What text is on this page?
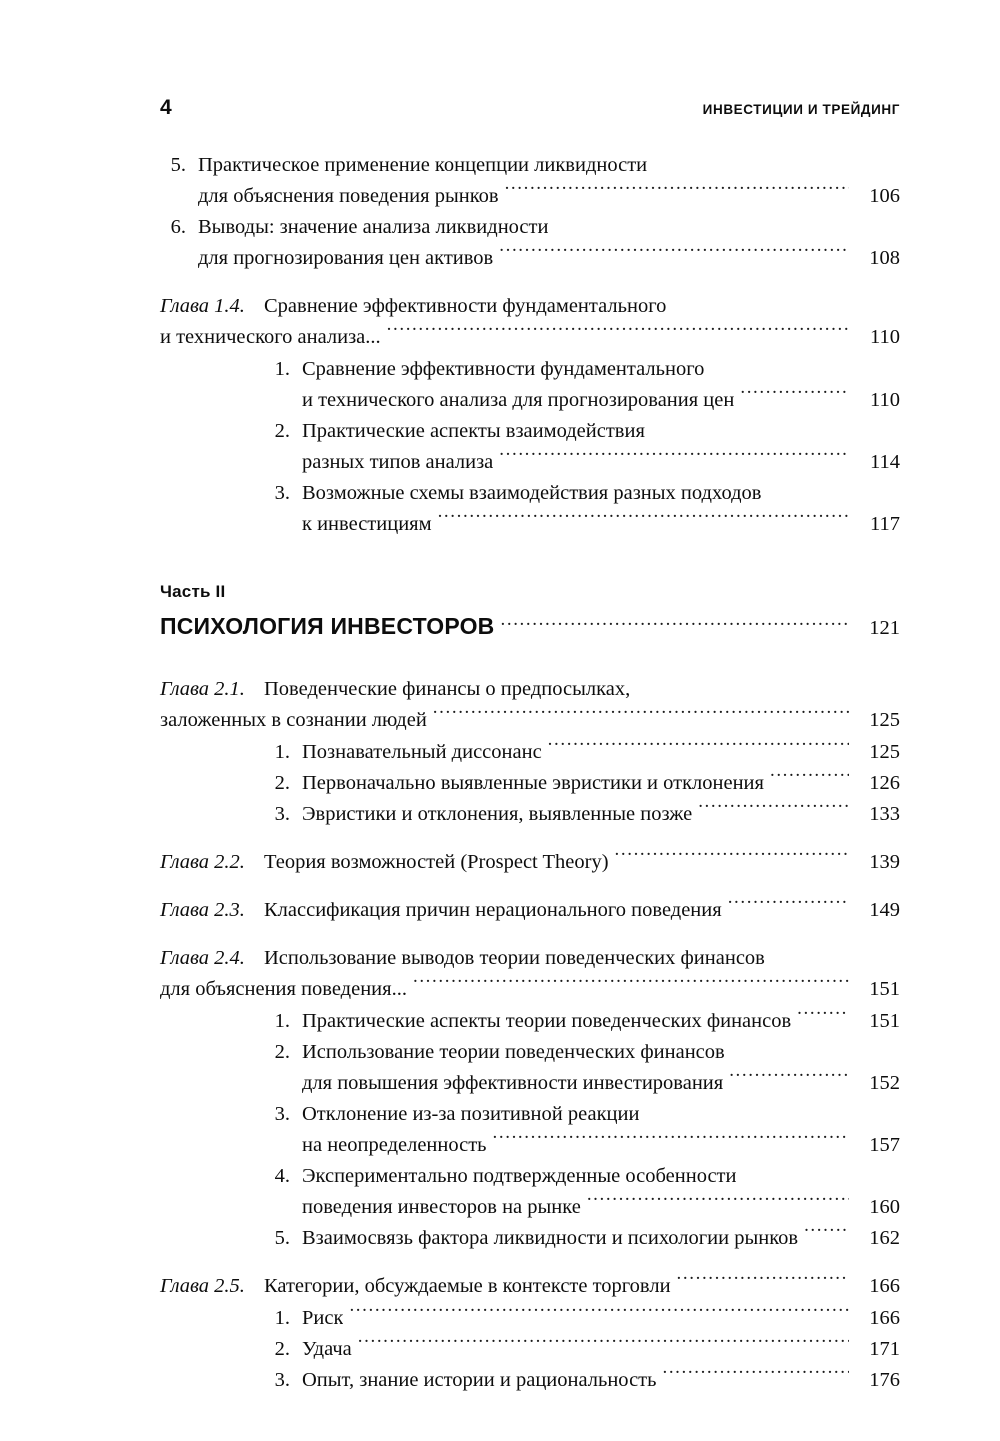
4	ИНВЕСТИЦИИ И ТРЕЙДИНГ
5. Практическое применение концепции ликвидности
для объяснения поведения рынков .....	106
6. Выводы: значение анализа ликвидности
для прогнозирования цен активов .....	108
Глава 1.4. Сравнение эффективности фундаментального
и технического анализа... .....	110
1. Сравнение эффективности фундаментального
и технического анализа для прогнозирования цен .....	110
2. Практические аспекты взаимодействия
разных типов анализа .....	114
3. Возможные схемы взаимодействия разных подходов
к инвестициям .....	117
Часть II
ПСИХОЛОГИЯ ИНВЕСТОРОВ .....	121
Глава 2.1. Поведенческие финансы о предпосылках,
заложенных в сознании людей .....	125
1. Познавательный диссонанс .....	125
2. Первоначально выявленные эвристики и отклонения .....	126
3. Эвристики и отклонения, выявленные позже .....	133
Глава 2.2. Теория возможностей (Prospect Theory) .....	139
Глава 2.3. Классификация причин нерационального поведения .....	149
Глава 2.4. Использование выводов теории поведенческих финансов
для объяснения поведения... .....	151
1. Практические аспекты теории поведенческих финансов .....	151
2. Использование теории поведенческих финансов
для повышения эффективности инвестирования .....	152
3. Отклонение из-за позитивной реакции
на неопределенность .....	157
4. Экспериментально подтвержденные особенности
поведения инвесторов на рынке .....	160
5. Взаимосвязь фактора ликвидности и психологии рынков .....	162
Глава 2.5. Категории, обсуждаемые в контексте торговли .....	166
1. Риск .....	166
2. Удача .....	171
3. Опыт, знание истории и рациональность .....	176
